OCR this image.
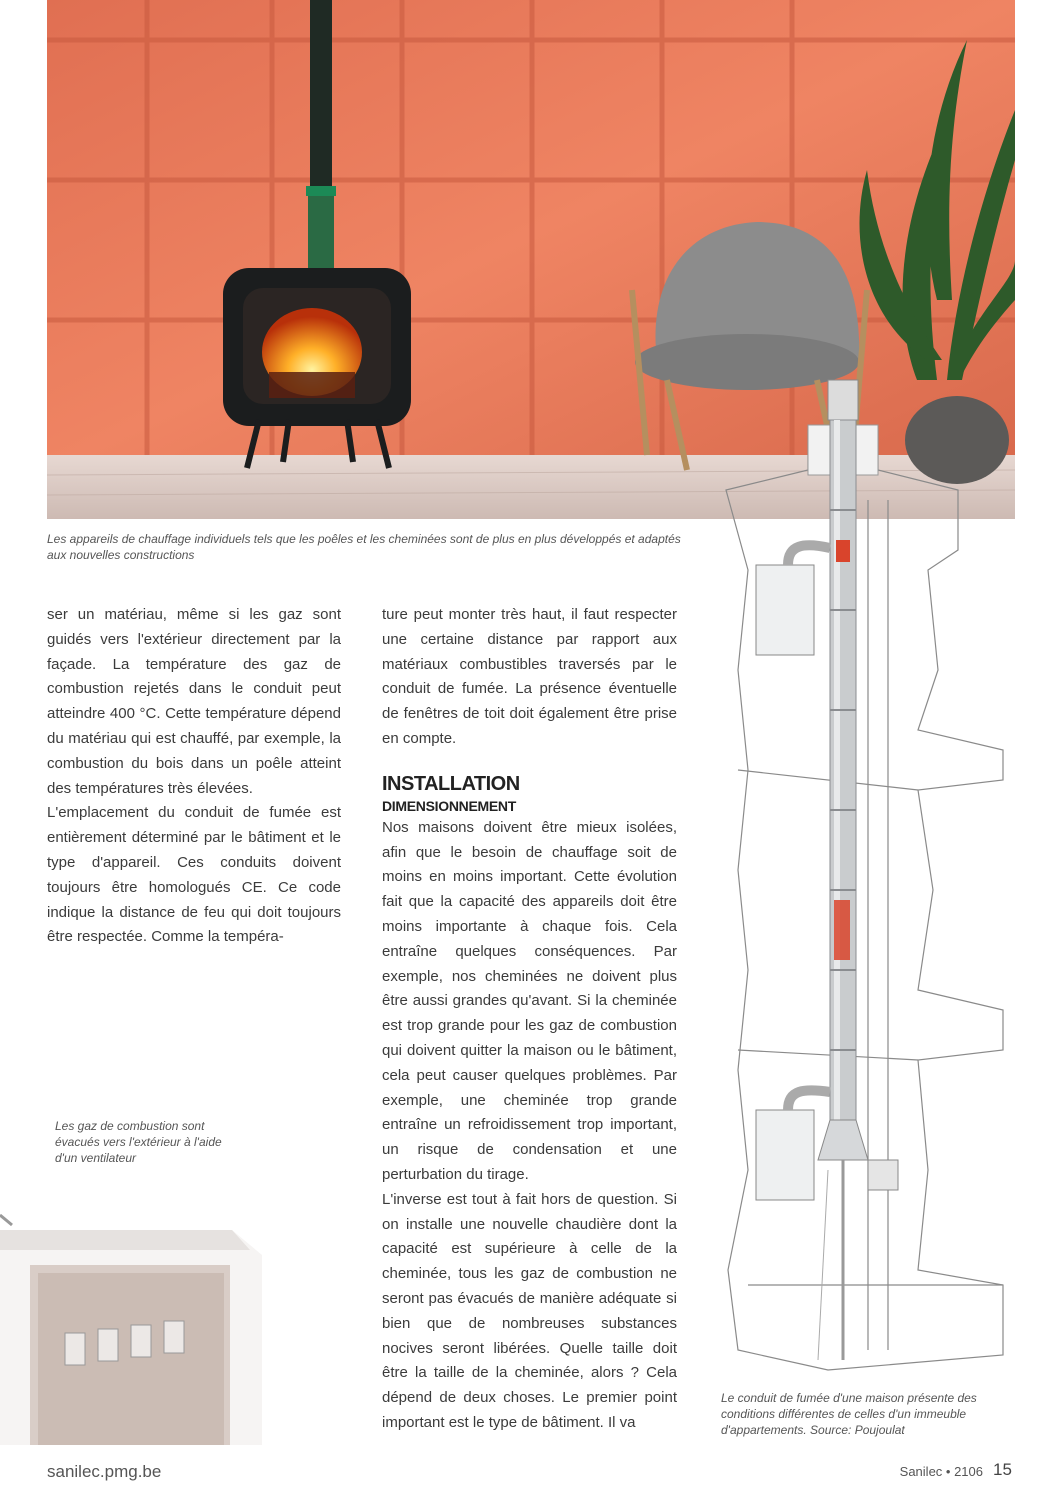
Les appareils de chauffage individuels tels que les poêles et les cheminées sont de plus en plus développés et adaptés aux nouvelles constructions

ser un matériau, même si les gaz sont guidés vers l'extérieur directement par la façade. La température des gaz de combustion rejetés dans le conduit peut atteindre 400 °C. Cette température dépend du matériau qui est chauffé, par exemple, la combustion du bois dans un poêle atteint des températures très élevées.

L'emplacement du conduit de fumée est entièrement déterminé par le bâtiment et le type d'appareil. Ces conduits doivent toujours être homologués CE. Ce code indique la distance de feu qui doit toujours être respectée. Comme la tempéra-

ture peut monter très haut, il faut respecter une certaine distance par rapport aux matériaux combustibles traversés par le conduit de fumée. La présence éventuelle de fenêtres de toit doit également être prise en compte.

INSTALLATION
DIMENSIONNEMENT

Nos maisons doivent être mieux isolées, afin que le besoin de chauffage soit de moins en moins important. Cette évolution fait que la capacité des appareils doit être moins importante à chaque fois. Cela entraîne quelques conséquences. Par exemple, nos cheminées ne doivent plus être aussi grandes qu'avant. Si la cheminée est trop grande pour les gaz de combustion qui doivent quitter la maison ou le bâtiment, cela peut causer quelques problèmes. Par exemple, une cheminée trop grande entraîne un refroidissement trop important, un risque de condensation et une perturbation du tirage.

L'inverse est tout à fait hors de question. Si on installe une nouvelle chaudière dont la capacité est supérieure à celle de la cheminée, tous les gaz de combustion ne seront pas évacués de manière adéquate si bien que de nombreuses substances nocives seront libérées. Quelle taille doit être la taille de la cheminée, alors ? Cela dépend de deux choses. Le premier point important est le type de bâtiment. Il va

Les gaz de combustion sont évacués vers l'extérieur à l'aide d'un ventilateur
Le conduit de fumée d'une maison présente des conditions différentes de celles d'un immeuble d'appartements. Source: Poujoulat
sanilec.pmg.be	Sanilec • 2106 15
